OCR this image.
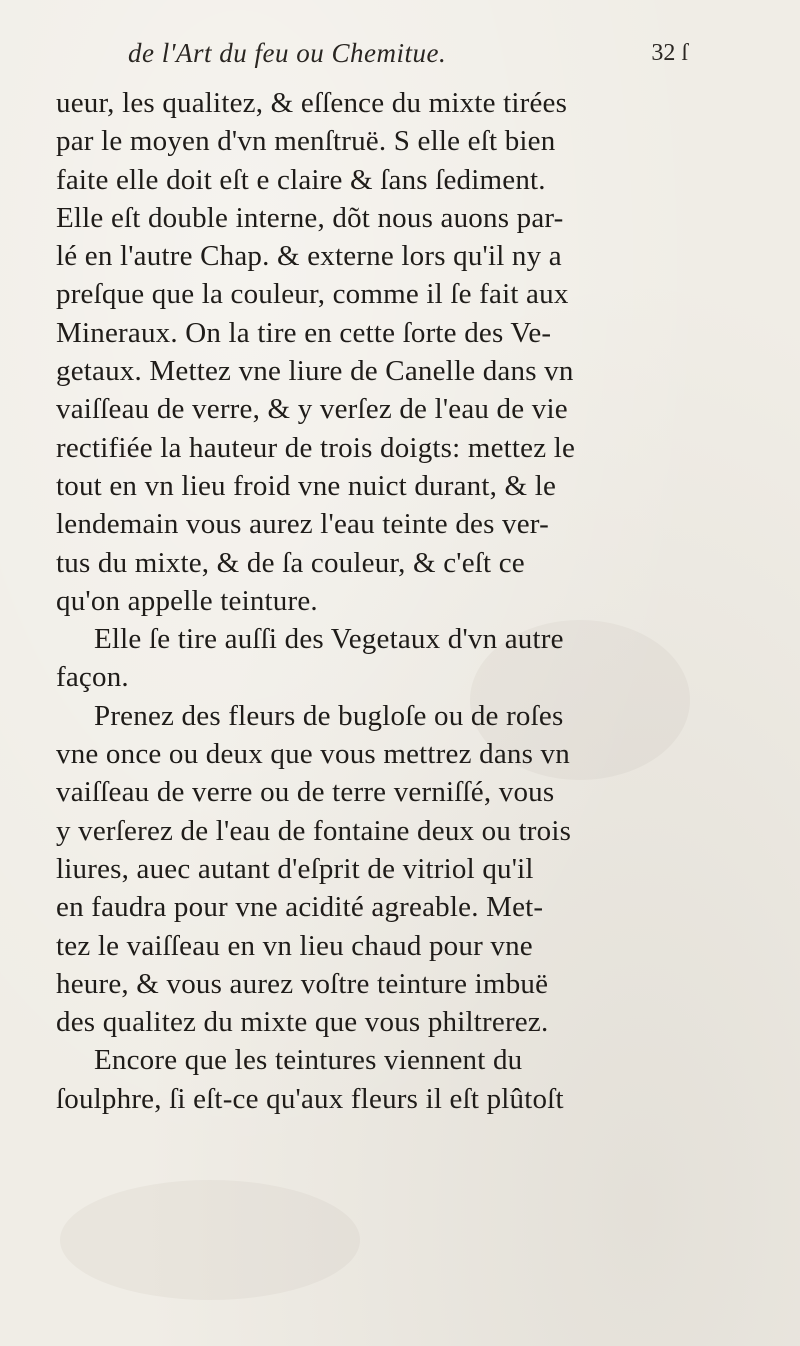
de l'Art du feu ou Chemitue.	32 ſ
ueur, les qualitez, & eſſence du mixte tirées
par le moyen d'vn menſtruë. S elle eſt bien
faite elle doit eſt e claire & ſans ſediment.
Elle eſt double interne, dõt nous auons par-
lé en l'autre Chap. & externe lors qu'il ny a
preſque que la couleur, comme il ſe fait aux
Mineraux. On la tire en cette ſorte des Ve-
getaux. Mettez vne liure de Canelle dans vn
vaiſſeau de verre, & y verſez de l'eau de vie
rectifiée la hauteur de trois doigts: mettez le
tout en vn lieu froid vne nuict durant, & le
lendemain vous aurez l'eau teinte des ver-
tus du mixte, & de ſa couleur, & c'eſt ce
qu'on appelle teinture.
Elle ſe tire auſſi des Vegetaux d'vn autre
façon.
Prenez des fleurs de bugloſe ou de roſes
vne once ou deux que vous mettrez dans vn
vaiſſeau de verre ou de terre verniſſé, vous
y verſerez de l'eau de fontaine deux ou trois
liures, auec autant d'eſprit de vitriol qu'il
en faudra pour vne acidité agreable. Met-
tez le vaiſſeau en vn lieu chaud pour vne
heure, & vous aurez voſtre teinture imbuë
des qualitez du mixte que vous philtrerez.
Encore que les teintures viennent du
ſoulphre, ſi eſt-ce qu'aux fleurs il eſt plûtoſt
